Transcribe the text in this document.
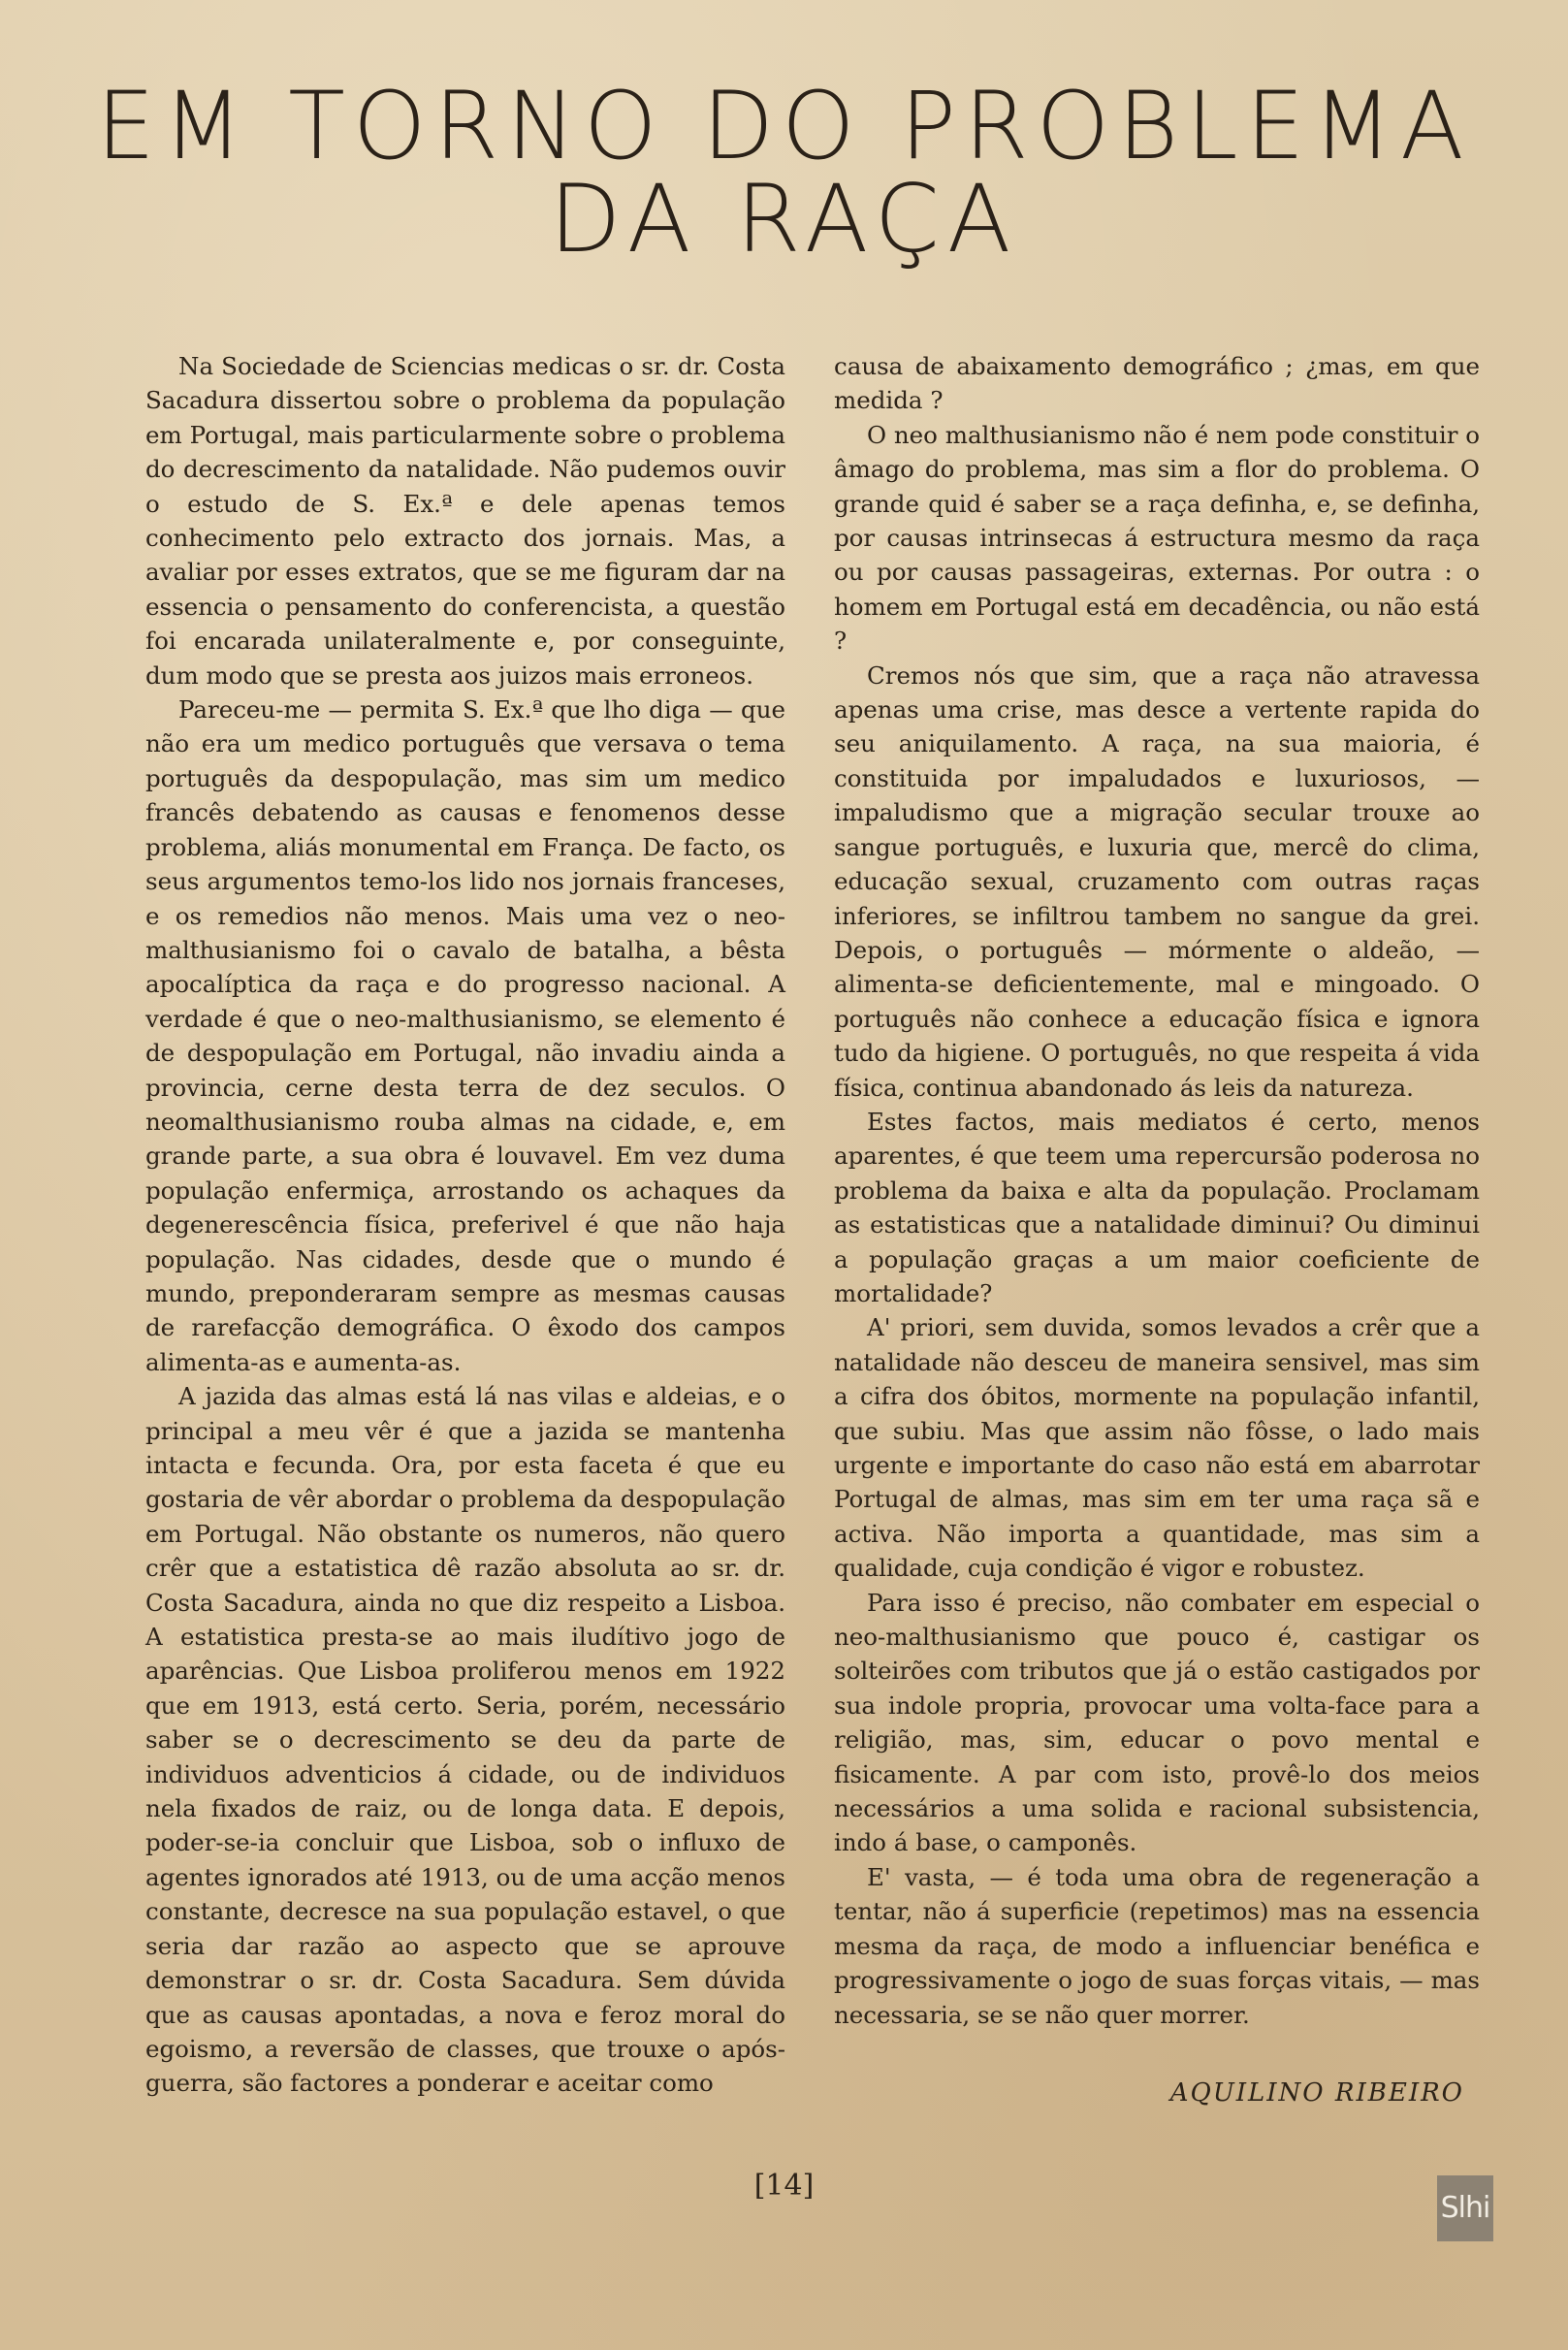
EM TORNO DO PROBLEMA
DA RAÇA

Na Sociedade de Sciencias medicas o sr. dr. Costa Sacadura dissertou sobre o problema da população em Portugal, mais particularmente sobre o problema do decrescimento da natalidade. Não pudemos ouvir o estudo de S. Ex.ª e dele apenas temos conhecimento pelo extracto dos jornais. Mas, a avaliar por esses extratos, que se me figuram dar na essencia o pensamento do conferencista, a questão foi encarada unilateralmente e, por conseguinte, dum modo que se presta aos juizos mais erroneos.

Pareceu-me — permita S. Ex.ª que lho diga — que não era um medico português que versava o tema português da despopulação, mas sim um medico francês debatendo as causas e fenomenos desse problema, aliás monumental em França. De facto, os seus argumentos temo-los lido nos jornais franceses, e os remedios não menos. Mais uma vez o neo-malthusianismo foi o cavalo de batalha, a bêsta apocalíptica da raça e do progresso nacional. A verdade é que o neo-malthusianismo, se elemento é de despopulação em Portugal, não invadiu ainda a provincia, cerne desta terra de dez seculos. O neomalthusianismo rouba almas na cidade, e, em grande parte, a sua obra é louvavel. Em vez duma população enfermiça, arrostando os achaques da degenerescência física, preferivel é que não haja população. Nas cidades, desde que o mundo é mundo, preponderaram sempre as mesmas causas de rarefacção demográfica. O êxodo dos campos alimenta-as e aumenta-as.

A jazida das almas está lá nas vilas e aldeias, e o principal a meu vêr é que a jazida se mantenha intacta e fecunda. Ora, por esta faceta é que eu gostaria de vêr abordar o problema da despopulação em Portugal. Não obstante os numeros, não quero crêr que a estatistica dê razão absoluta ao sr. dr. Costa Sacadura, ainda no que diz respeito a Lisboa. A estatistica presta-se ao mais iludítivo jogo de aparências. Que Lisboa proliferou menos em 1922 que em 1913, está certo. Seria, porém, necessário saber se o decrescimento se deu da parte de individuos adventicios á cidade, ou de individuos nela fixados de raiz, ou de longa data. E depois, poder-se-ia concluir que Lisboa, sob o influxo de agentes ignorados até 1913, ou de uma acção menos constante, decresce na sua população estavel, o que seria dar razão ao aspecto que se aprouve demonstrar o sr. dr. Costa Sacadura. Sem dúvida que as causas apontadas, a nova e feroz moral do egoismo, a reversão de classes, que trouxe o após-guerra, são factores a ponderar e aceitar como

causa de abaixamento demográfico ; ¿mas, em que medida ?

O neo malthusianismo não é nem pode constituir o âmago do problema, mas sim a flor do problema. O grande quid é saber se a raça definha, e, se definha, por causas intrinsecas á estructura mesmo da raça ou por causas passageiras, externas. Por outra : o homem em Portugal está em decadência, ou não está ?

Cremos nós que sim, que a raça não atravessa apenas uma crise, mas desce a vertente rapida do seu aniquilamento. A raça, na sua maioria, é constituida por impaludados e luxuriosos, — impaludismo que a migração secular trouxe ao sangue português, e luxuria que, mercê do clima, educação sexual, cruzamento com outras raças inferiores, se infiltrou tambem no sangue da grei. Depois, o português — mórmente o aldeão, — alimenta-se deficientemente, mal e mingoado. O português não conhece a educação física e ignora tudo da higiene. O português, no que respeita á vida física, continua abandonado ás leis da natureza.

Estes factos, mais mediatos é certo, menos aparentes, é que teem uma repercursão poderosa no problema da baixa e alta da população. Proclamam as estatisticas que a natalidade diminui? Ou diminui a população graças a um maior coeficiente de mortalidade?

A' priori, sem duvida, somos levados a crêr que a natalidade não desceu de maneira sensivel, mas sim a cifra dos óbitos, mormente na população infantil, que subiu. Mas que assim não fôsse, o lado mais urgente e importante do caso não está em abarrotar Portugal de almas, mas sim em ter uma raça sã e activa. Não importa a quantidade, mas sim a qualidade, cuja condição é vigor e robustez.

Para isso é preciso, não combater em especial o neo-malthusianismo que pouco é, castigar os solteirões com tributos que já o estão castigados por sua indole propria, provocar uma volta-face para a religião, mas, sim, educar o povo mental e fisicamente. A par com isto, provê-lo dos meios necessários a uma solida e racional subsistencia, indo á base, o camponês.

E' vasta, — é toda uma obra de regeneração a tentar, não á superficie (repetimos) mas na essencia mesma da raça, de modo a influenciar benéfica e progressivamente o jogo de suas forças vitais, — mas necessaria, se se não quer morrer.

AQUILINO RIBEIRO
[14]
Slhi
